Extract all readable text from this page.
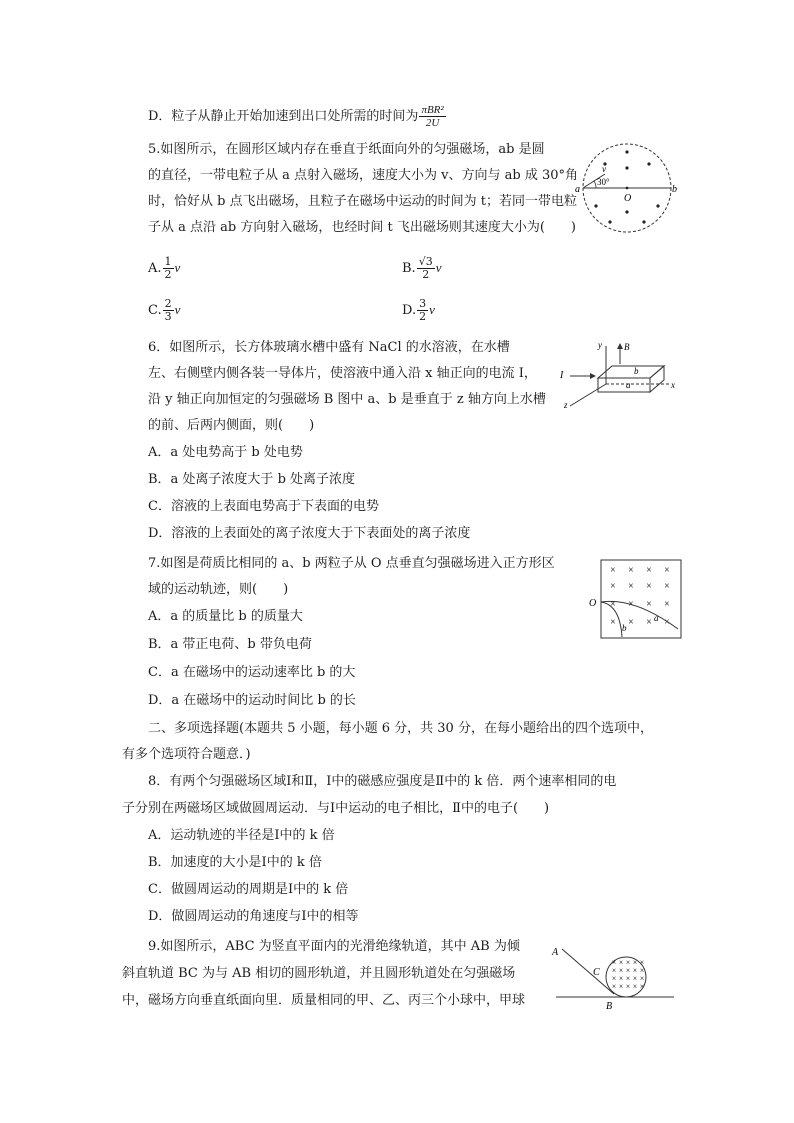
D．粒子从静止开始加速到出口处所需的时间为 $\frac{\text{πBR²}}{2U}$
5.如图所示，在圆形区域内存在垂直于纸面向外的匀强磁场，ab 是圆
的直径，一带电粒子从 a 点射入磁场，速度大小为 v、方向与 ab 成 30°角
时，恰好从 b 点飞出磁场，且粒子在磁场中运动的时间为 t；若同一带电粒
子从 a 点沿 ab 方向射入磁场，也经时间 t 飞出磁场则其速度大小为(　　)
A. $\frac{1}{2}$ v	B. $\frac{√3}{2}$ v
C. $\frac{2}{3}$ v	D. $\frac{3}{2}$ v
a	b
O
v
30°
6．如图所示，长方体玻璃水槽中盛有 NaCl 的水溶液，在水槽
左、右侧壁内侧各装一导体片，使溶液中通入沿 x 轴正向的电流 I，
沿 y 轴正向加恒定的匀强磁场 B 图中 a、b 是垂直于 z 轴方向上水槽
的前、后两内侧面，则(　　)
A．a 处电势高于 b 处电势
B．a 处离子浓度大于 b 处离子浓度
C．溶液的上表面电势高于下表面的电势
D．溶液的上表面处的离子浓度大于下表面处的离子浓度
y B
I	b
a	x
z
7.如图是荷质比相同的 a、b 两粒子从 O 点垂直匀强磁场进入正方形区
域的运动轨迹，则(　　)
A．a 的质量比 b 的质量大
B．a 带正电荷、b 带负电荷
C．a 在磁场中的运动速率比 b 的大
D．a 在磁场中的运动时间比 b 的长
× × × ×
× × × ×
× × × ×
× × × ×
O
a
b
二、多项选择题(本题共 5 小题，每小题 6 分，共 30 分，在每小题给出的四个选项中，
有多个选项符合题意．)
8．有两个匀强磁场区域Ⅰ和Ⅱ，Ⅰ中的磁感应强度是Ⅱ中的 k 倍．两个速率相同的电
子分别在两磁场区域做圆周运动．与Ⅰ中运动的电子相比，Ⅱ中的电子(　　)
A．运动轨迹的半径是Ⅰ中的 k 倍
B．加速度的大小是Ⅰ中的 k 倍
C．做圆周运动的周期是Ⅰ中的 k 倍
D．做圆周运动的角速度与Ⅰ中的相等
9.如图所示，ABC 为竖直平面内的光滑绝缘轨道，其中 AB 为倾
斜直轨道 BC 为与 AB 相切的圆形轨道，并且圆形轨道处在匀强磁场
中，磁场方向垂直纸面向里．质量相同的甲、乙、丙三个小球中，甲球
× × × × ×
× × × × ×
× × × × ×
× × × × ×
A
C
B
